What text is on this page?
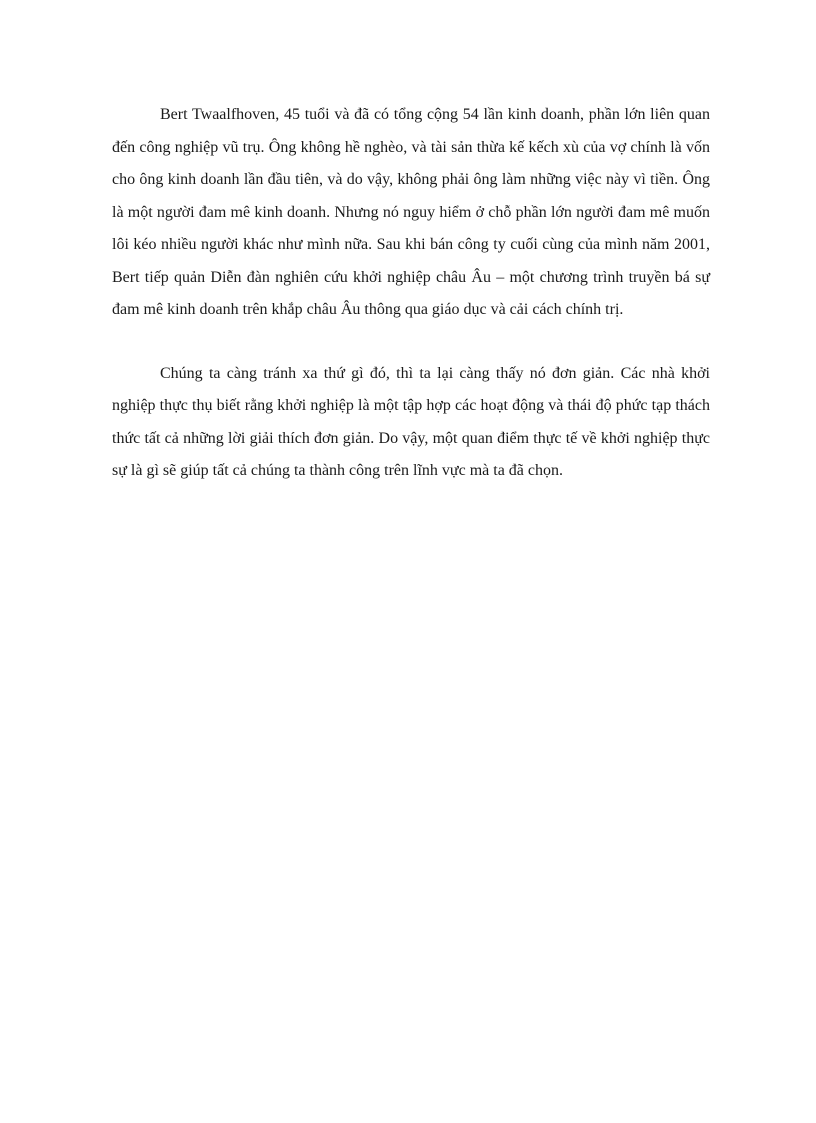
Bert Twaalfhoven, 45 tuổi và đã có tổng cộng 54 lần kinh doanh, phần lớn liên quan đến công nghiệp vũ trụ. Ông không hề nghèo, và tài sản thừa kế kếch xù của vợ chính là vốn cho ông kinh doanh lần đầu tiên, và do vậy, không phải ông làm những việc này vì tiền. Ông là một người đam mê kinh doanh. Nhưng nó nguy hiểm ở chỗ phần lớn người đam mê muốn lôi kéo nhiều người khác như mình nữa. Sau khi bán công ty cuối cùng của mình năm 2001, Bert tiếp quản Diễn đàn nghiên cứu khởi nghiệp châu Âu – một chương trình truyền bá sự đam mê kinh doanh trên khắp châu Âu thông qua giáo dục và cải cách chính trị.

Chúng ta càng tránh xa thứ gì đó, thì ta lại càng thấy nó đơn giản. Các nhà khởi nghiệp thực thụ biết rằng khởi nghiệp là một tập hợp các hoạt động và thái độ phức tạp thách thức tất cả những lời giải thích đơn giản. Do vậy, một quan điểm thực tế về khởi nghiệp thực sự là gì sẽ giúp tất cả chúng ta thành công trên lĩnh vực mà ta đã chọn.
